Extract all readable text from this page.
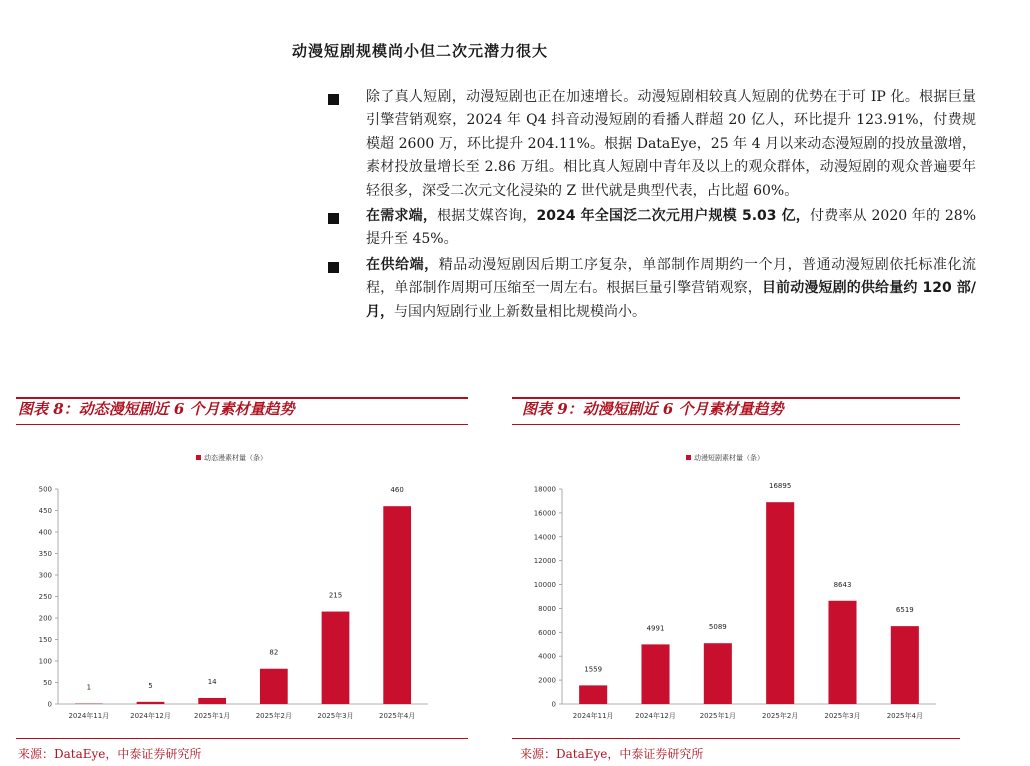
动漫短剧规模尚小但二次元潜力很大
除了真人短剧，动漫短剧也正在加速增长。动漫短剧相较真人短剧的优势在于可 IP 化。根据巨量引擎营销观察，2024 年 Q4 抖音动漫短剧的看播人群超 20 亿人，环比提升 123.91%，付费规模超 2600 万，环比提升 204.11%。根据 DataEye，25 年 4 月以来动态漫短剧的投放量激增，素材投放量增长至 2.86 万组。相比真人短剧中青年及以上的观众群体，动漫短剧的观众普遍要年轻很多，深受二次元文化浸染的 Z 世代就是典型代表，占比超 60%。
在需求端，根据艾媒咨询，2024 年全国泛二次元用户规模 5.03 亿，付费率从 2020 年的 28%提升至 45%。
在供给端，精品动漫短剧因后期工序复杂，单部制作周期约一个月，普通动漫短剧依托标准化流程，单部制作周期可压缩至一周左右。根据巨量引擎营销观察，目前动漫短剧的供给量约 120 部/月，与国内短剧行业上新数量相比规模尚小。
图表 8：动态漫短剧近 6 个月素材量趋势
动态漫素材量（条）
0
50
100
150
200
250
300
350
400
450
500
1
2024年11月
5
2024年12月
14
2025年1月
82
2025年2月
215
2025年3月
460
2025年4月
来源：DataEye，中泰证券研究所
图表 9：动漫短剧近 6 个月素材量趋势
动漫短剧素材量（条）
0
2000
4000
6000
8000
10000
12000
14000
16000
18000
1559
2024年11月
4991
2024年12月
5089
2025年1月
16895
2025年2月
8643
2025年3月
6519
2025年4月
来源：DataEye，中泰证券研究所
